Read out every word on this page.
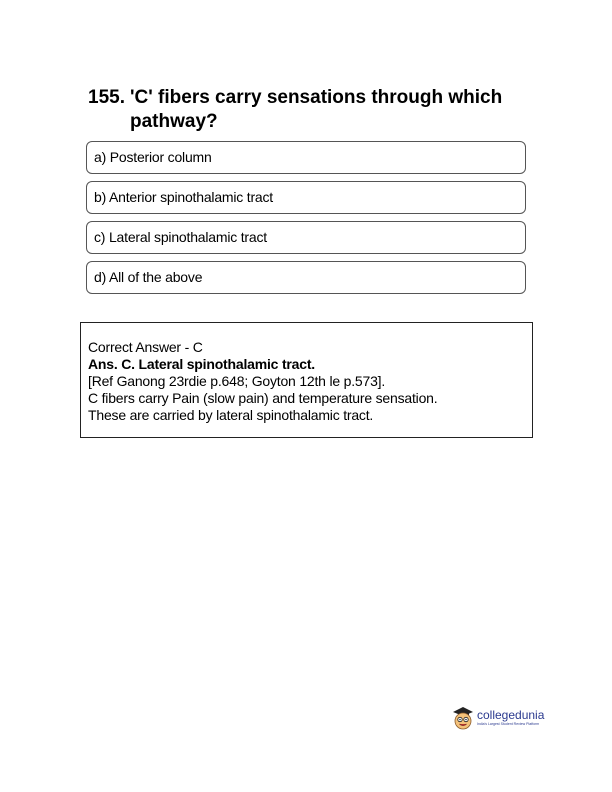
155. 'C' fibers carry sensations through which
pathway?
a) Posterior column
b) Anterior spinothalamic tract
c) Lateral spinothalamic tract
d) All of the above
Correct Answer - C
Ans. C. Lateral spinothalamic tract.
[Ref Ganong 23rdie p.648; Goyton 12th le p.573].
C fibers carry Pain (slow pain) and temperature sensation.
These are carried by lateral spinothalamic tract.
collegedunia
India's Largest Student Review Platform
